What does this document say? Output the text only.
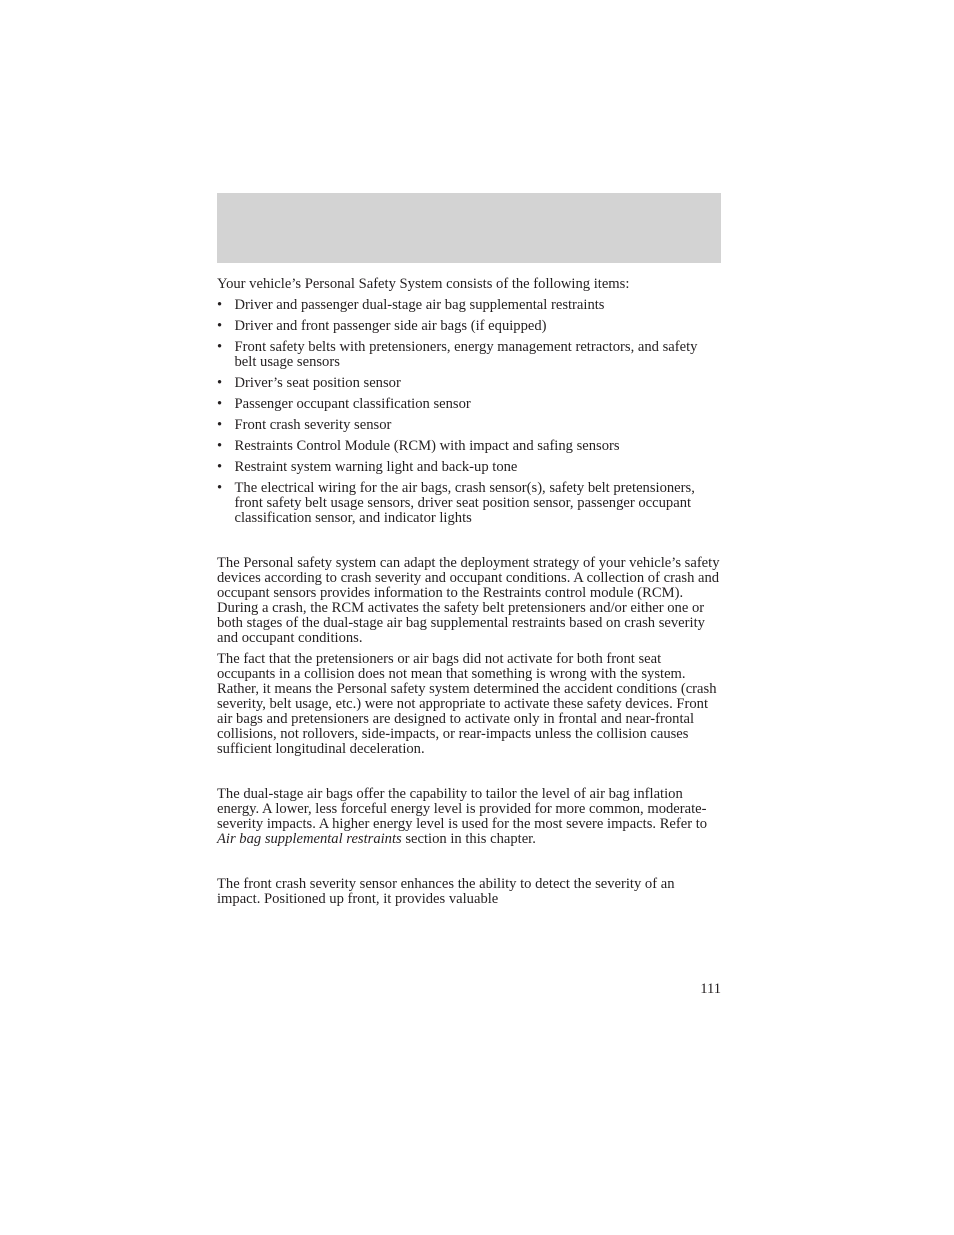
Your vehicle’s Personal Safety System consists of the following items:

• Driver and passenger dual-stage air bag supplemental restraints
• Driver and front passenger side air bags (if equipped)
• Front safety belts with pretensioners, energy management retractors, and safety belt usage sensors
• Driver’s seat position sensor
• Passenger occupant classification sensor
• Front crash severity sensor
• Restraints Control Module (RCM) with impact and safing sensors
• Restraint system warning light and back-up tone
• The electrical wiring for the air bags, crash sensor(s), safety belt pretensioners, front safety belt usage sensors, driver seat position sensor, passenger occupant classification sensor, and indicator lights

The Personal safety system can adapt the deployment strategy of your vehicle’s safety devices according to crash severity and occupant conditions. A collection of crash and occupant sensors provides information to the Restraints control module (RCM). During a crash, the RCM activates the safety belt pretensioners and/or either one or both stages of the dual-stage air bag supplemental restraints based on crash severity and occupant conditions.

The fact that the pretensioners or air bags did not activate for both front seat occupants in a collision does not mean that something is wrong with the system. Rather, it means the Personal safety system determined the accident conditions (crash severity, belt usage, etc.) were not appropriate to activate these safety devices. Front air bags and pretensioners are designed to activate only in frontal and near-frontal collisions, not rollovers, side-impacts, or rear-impacts unless the collision causes sufficient longitudinal deceleration.

The dual-stage air bags offer the capability to tailor the level of air bag inflation energy. A lower, less forceful energy level is provided for more common, moderate-severity impacts. A higher energy level is used for the most severe impacts. Refer to Air bag supplemental restraints section in this chapter.

The front crash severity sensor enhances the ability to detect the severity of an impact. Positioned up front, it provides valuable

111
